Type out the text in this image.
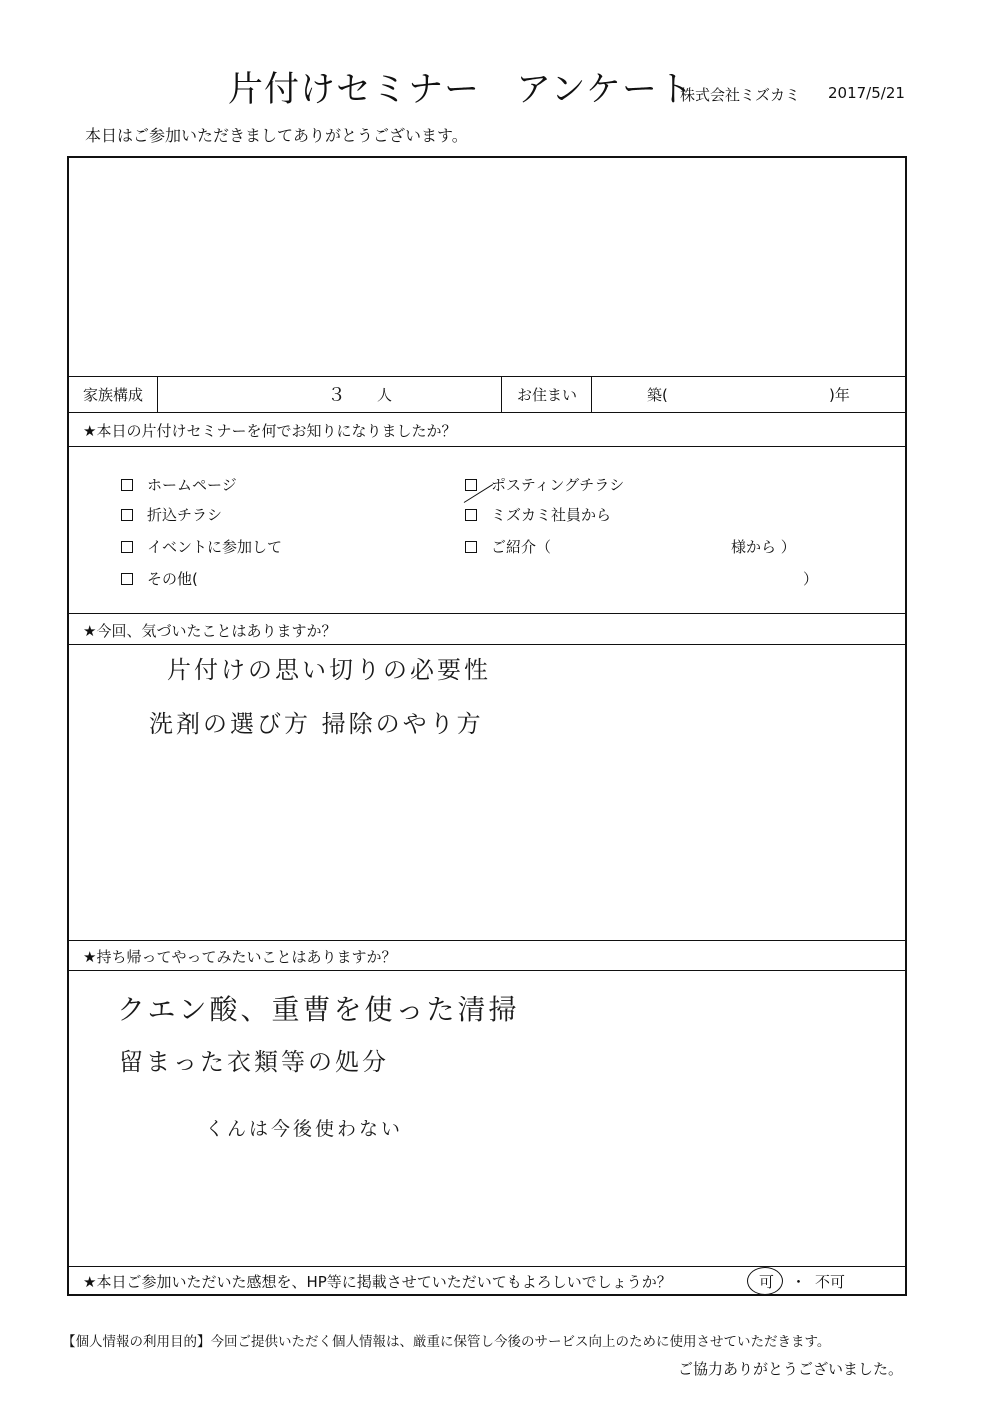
片付けセミナー　アンケート
株式会社ミズカミ 2017/5/21
本日はご参加いただきましてありがとうございます。
家族構成	３ 人	お住まい	築(	)年
★本日の片付けセミナーを何でお知りになりましたか？
ホームページ
折込チラシ
イベントに参加して
その他(	）
ポスティングチラシ
ミズカミ社員から
ご紹介（	様から ）
★今回、気づいたことはありますか？
片付けの思い切りの必要性
洗剤の選び方 掃除のやり方
★持ち帰ってやってみたいことはありますか？
クエン酸、重曹を使った清掃
留まった衣類等の処分
くんは今後使わない
★本日ご参加いただいた感想を、HP等に掲載させていただいてもよろしいでしょうか？	可 ・ 不可
【個人情報の利用目的】今回ご提供いただく個人情報は、厳重に保管し今後のサービス向上のために使用させていただきます。
ご協力ありがとうございました。
